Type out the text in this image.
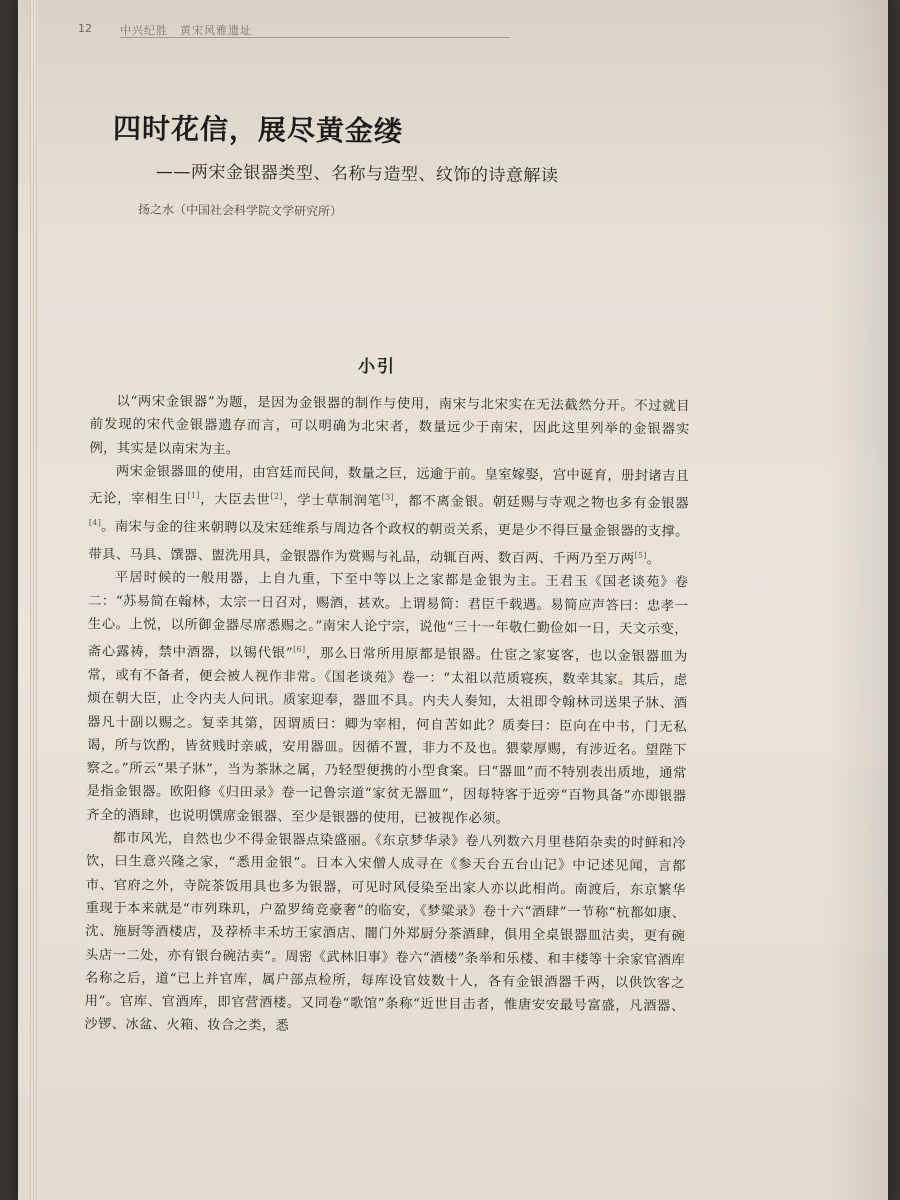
12	中兴纪胜　黄宋风雅遗址
四时花信，展尽黄金缕
——两宋金银器类型、名称与造型、纹饰的诗意解读
扬之水（中国社会科学院文学研究所）
小引

以“两宋金银器”为题，是因为金银器的制作与使用，南宋与北宋实在无法截然分开。不过就目前发现的宋代金银器遗存而言，可以明确为北宋者，数量远少于南宋，因此这里列举的金银器实例，其实是以南宋为主。

两宋金银器皿的使用，由宫廷而民间，数量之巨，远逾于前。皇室嫁娶，宫中诞育，册封诸吉且无论，宰相生日[1]，大臣去世[2]，学士草制润笔[3]，都不离金银。朝廷赐与寺观之物也多有金银器[4]。南宋与金的往来朝聘以及宋廷维系与周边各个政权的朝贡关系，更是少不得巨量金银器的支撑。带具、马具、馔器、盥洗用具，金银器作为赏赐与礼品，动辄百两、数百两、千两乃至万两[5]。

平居时候的一般用器，上自九重，下至中等以上之家都是金银为主。王君玉《国老谈苑》卷二：“苏易简在翰林，太宗一日召对，赐酒，甚欢。上谓易简：君臣千载遇。易简应声答曰：忠孝一生心。上悦，以所御金器尽席悉赐之。”南宋人论宁宗，说他“三十一年敬仁勤俭如一日，天文示变，斋心露祷，禁中酒器，以锡代银”[6]，那么日常所用原都是银器。仕宦之家宴客，也以金银器皿为常，或有不备者，便会被人视作非常。《国老谈苑》卷一：“太祖以范质寝疾，数幸其家。其后，虑烦在朝大臣，止令内夫人问讯。质家迎奉，器皿不具。内夫人奏知，太祖即令翰林司送果子牀、酒器凡十副以赐之。复幸其第，因谓质曰：卿为宰相，何自苦如此？质奏曰：臣向在中书，门无私谒，所与饮酌，皆贫贱时亲戚，安用器皿。因循不置，非力不及也。猥蒙厚赐，有涉近名。望陛下察之。”所云“果子牀”，当为茶牀之属，乃轻型便携的小型食案。曰“器皿”而不特别表出质地，通常是指金银器。欧阳修《归田录》卷一记鲁宗道“家贫无器皿”，因每特客于近旁“百物具备”亦即银器齐全的酒肆，也说明馔席金银器、至少是银器的使用，已被视作必须。

都市风光，自然也少不得金银器点染盛丽。《东京梦华录》卷八列数六月里巷陌杂卖的时鲜和冷饮，曰生意兴隆之家，“悉用金银”。日本入宋僧人成寻在《参天台五台山记》中记述见闻，言都市、官府之外，寺院茶饭用具也多为银器，可见时风侵染至出家人亦以此相尚。南渡后，东京繁华重现于本来就是“市列珠玑，户盈罗绮竞豪奢”的临安，《梦粱录》卷十六“酒肆”一节称“杭都如康、沈、施厨等酒楼店，及荐桥丰禾坊王家酒店、闇门外郑厨分茶酒肆，俱用全桌银器皿沽卖，更有碗头店一二处，亦有银台碗沽卖”。周密《武林旧事》卷六“酒楼”条举和乐楼、和丰楼等十余家官酒库名称之后，道“已上并官库，属户部点检所，每库设官妓数十人，各有金银酒器千两，以供饮客之用”。官库、官酒库，即官营酒楼。又同卷“歌馆”条称“近世目击者，惟唐安安最号富盛，凡酒器、沙锣、冰盆、火箱、妆合之类，悉
